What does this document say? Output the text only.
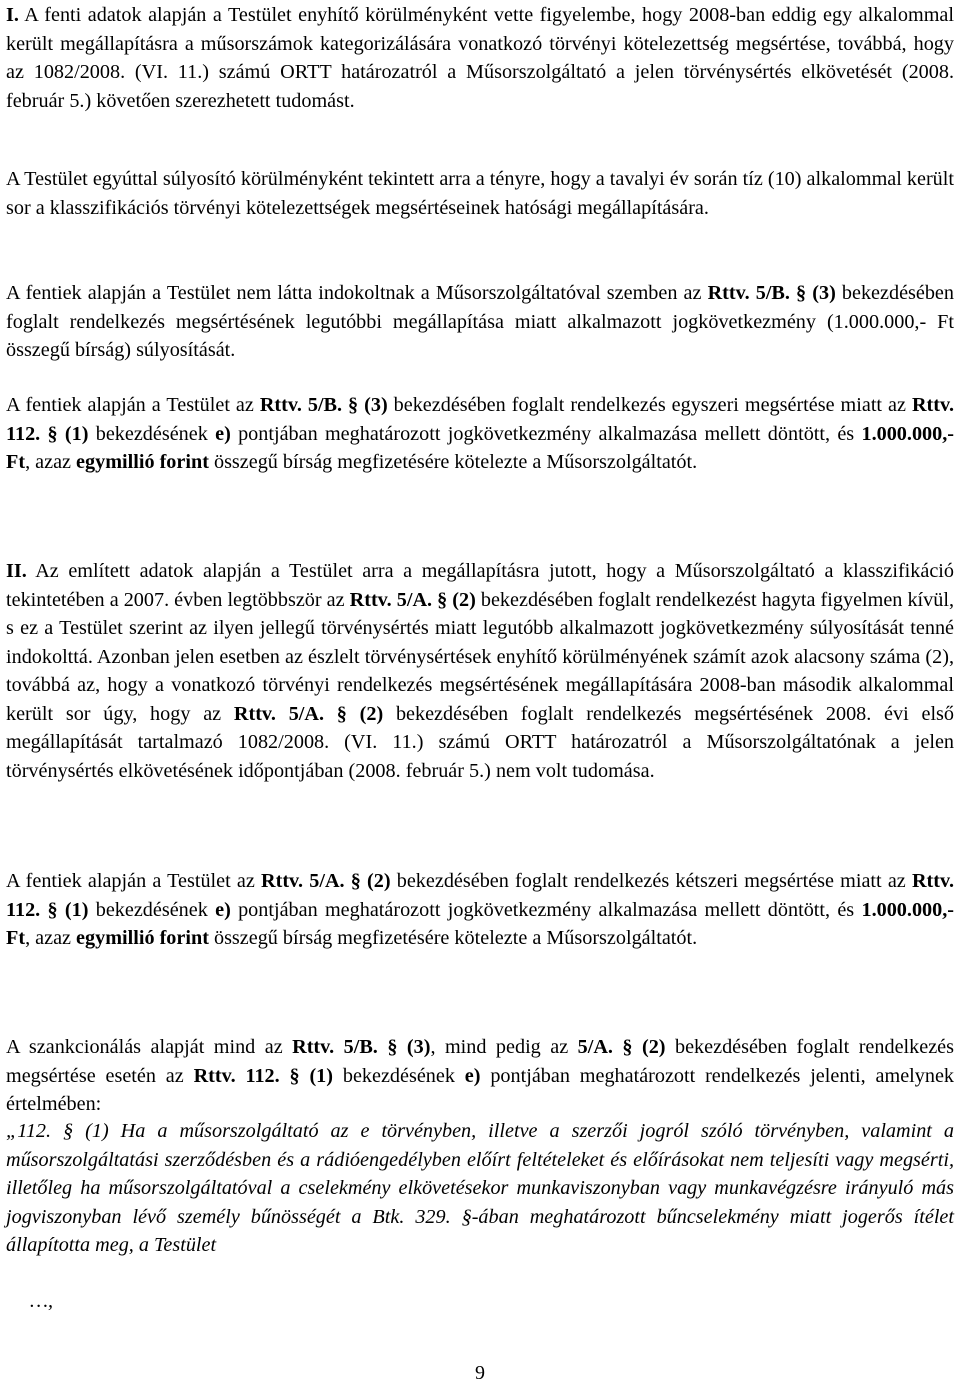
I. A fenti adatok alapján a Testület enyhítő körülményként vette figyelembe, hogy 2008-ban eddig egy alkalommal került megállapításra a műsorszámok kategorizálására vonatkozó törvényi kötelezettség megsértése, továbbá, hogy az 1082/2008. (VI. 11.) számú ORTT határozatról a Műsorszolgáltató a jelen törvénysértés elkövetését (2008. február 5.) követően szerezhetett tudomást.

A Testület egyúttal súlyosító körülményként tekintett arra a tényre, hogy a tavalyi év során tíz (10) alkalommal került sor a klasszifikációs törvényi kötelezettségek megsértéseinek hatósági megállapítására.

A fentiek alapján a Testület nem látta indokoltnak a Műsorszolgáltatóval szemben az Rttv. 5/B. § (3) bekezdésében foglalt rendelkezés megsértésének legutóbbi megállapítása miatt alkalmazott jogkövetkezmény (1.000.000,- Ft összegű bírság) súlyosítását.

A fentiek alapján a Testület az Rttv. 5/B. § (3) bekezdésében foglalt rendelkezés egyszeri megsértése miatt az Rttv. 112. § (1) bekezdésének e) pontjában meghatározott jogkövetkezmény alkalmazása mellett döntött, és 1.000.000,- Ft, azaz egymillió forint összegű bírság megfizetésére kötelezte a Műsorszolgáltatót.

II. Az említett adatok alapján a Testület arra a megállapításra jutott, hogy a Műsorszolgáltató a klasszifikáció tekintetében a 2007. évben legtöbbször az Rttv. 5/A. § (2) bekezdésében foglalt rendelkezést hagyta figyelmen kívül, s ez a Testület szerint az ilyen jellegű törvénysértés miatt legutóbb alkalmazott jogkövetkezmény súlyosítását tenné indokolttá. Azonban jelen esetben az észlelt törvénysértések enyhítő körülményének számít azok alacsony száma (2), továbbá az, hogy a vonatkozó törvényi rendelkezés megsértésének megállapítására 2008-ban második alkalommal került sor úgy, hogy az Rttv. 5/A. § (2) bekezdésében foglalt rendelkezés megsértésének 2008. évi első megállapítását tartalmazó 1082/2008. (VI. 11.) számú ORTT határozatról a Műsorszolgáltatónak a jelen törvénysértés elkövetésének időpontjában (2008. február 5.) nem volt tudomása.

A fentiek alapján a Testület az Rttv. 5/A. § (2) bekezdésében foglalt rendelkezés kétszeri megsértése miatt az Rttv. 112. § (1) bekezdésének e) pontjában meghatározott jogkövetkezmény alkalmazása mellett döntött, és 1.000.000,- Ft, azaz egymillió forint összegű bírság megfizetésére kötelezte a Műsorszolgáltatót.

A szankcionálás alapját mind az Rttv. 5/B. § (3), mind pedig az 5/A. § (2) bekezdésében foglalt rendelkezés megsértése esetén az Rttv. 112. § (1) bekezdésének e) pontjában meghatározott rendelkezés jelenti, amelynek értelmében:

„112. § (1) Ha a műsorszolgáltató az e törvényben, illetve a szerzői jogról szóló törvényben, valamint a műsorszolgáltatási szerződésben és a rádióengedélyben előírt feltételeket és előírásokat nem teljesíti vagy megsérti, illetőleg ha műsorszolgáltatóval a cselekmény elkövetésekor munkaviszonyban vagy munkavégzésre irányuló más jogviszonyban lévő személy bűnösségét a Btk. 329. §-ában meghatározott bűncselekmény miatt jogerős ítélet állapította meg, a Testület

…,

9
